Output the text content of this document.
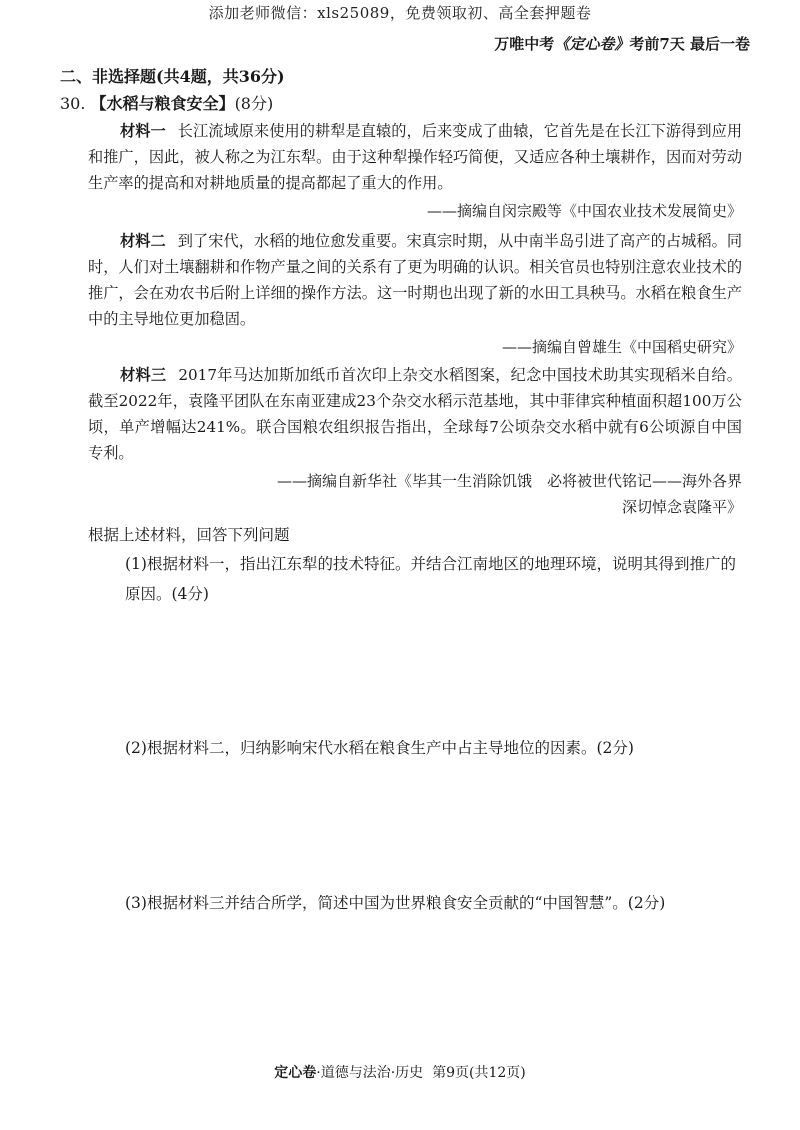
添加老师微信：xls25089，免费领取初、高全套押题卷
万唯中考《定心卷》考前7天 最后一卷
二、非选择题(共4题，共36分)
30. 【水稻与粮食安全】(8分)
材料一 长江流域原来使用的耕犁是直辕的，后来变成了曲辕，它首先是在长江下游得到应用和推广，因此，被人称之为江东犁。由于这种犁操作轻巧简便，又适应各种土壤耕作，因而对劳动生产率的提高和对耕地质量的提高都起了重大的作用。
——摘编自闵宗殿等《中国农业技术发展简史》
材料二 到了宋代，水稻的地位愈发重要。宋真宗时期，从中南半岛引进了高产的占城稻。同时，人们对土壤翻耕和作物产量之间的关系有了更为明确的认识。相关官员也特别注意农业技术的推广，会在劝农书后附上详细的操作方法。这一时期也出现了新的水田工具秧马。水稻在粮食生产中的主导地位更加稳固。
——摘编自曾雄生《中国稻史研究》
材料三 2017年马达加斯加纸币首次印上杂交水稻图案，纪念中国技术助其实现稻米自给。截至2022年，袁隆平团队在东南亚建成23个杂交水稻示范基地，其中菲律宾种植面积超100万公顷，单产增幅达241%。联合国粮农组织报告指出，全球每7公顷杂交水稻中就有6公顷源自中国专利。
——摘编自新华社《毕其一生消除饥饿　必将被世代铭记——海外各界
深切悼念袁隆平》
根据上述材料，回答下列问题
(1)根据材料一，指出江东犁的技术特征。并结合江南地区的地理环境，说明其得到推广的原因。(4分)
(2)根据材料二，归纳影响宋代水稻在粮食生产中占主导地位的因素。(2分)
(3)根据材料三并结合所学，简述中国为世界粮食安全贡献的“中国智慧”。(2分)
定心卷·道德与法治·历史 第9页(共12页)
